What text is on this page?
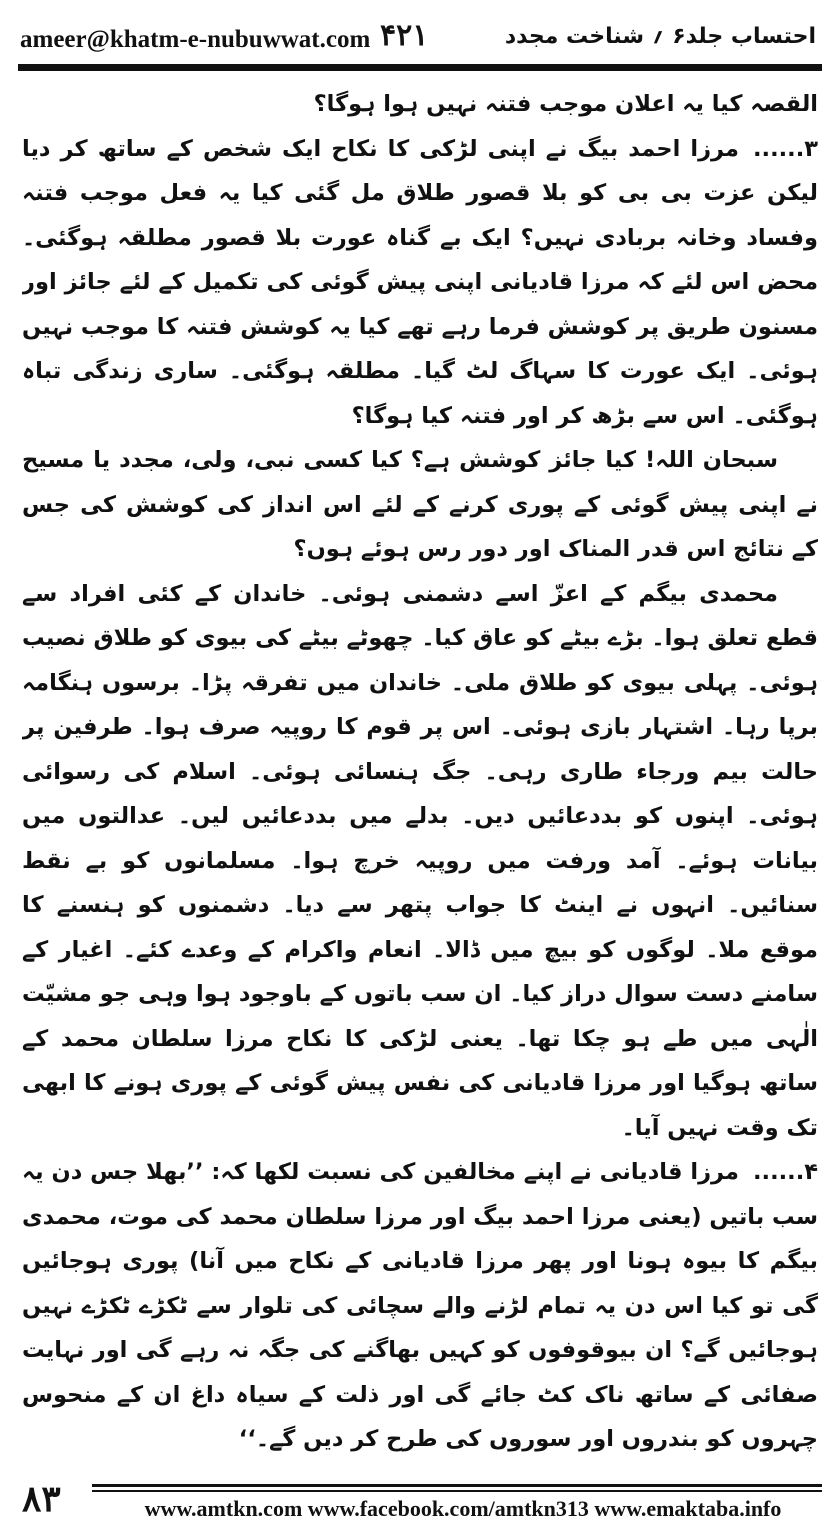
ameer@khatm-e-nubuwwat.com ۴۲۱	احتساب جلد۶ ؍ شناخت مجدد

القصہ کیا یہ اعلان موجب فتنہ نہیں ہوا ہوگا؟

۳......مرزا احمد بیگ نے اپنی لڑکی کا نکاح ایک شخص کے ساتھ کر دیا لیکن عزت بی بی کو بلا قصور طلاق مل گئی کیا یہ فعل موجب فتنہ وفساد وخانہ بربادی نہیں؟ ایک بے گناہ عورت بلا قصور مطلقہ ہوگئی۔ محض اس لئے کہ مرزا قادیانی اپنی پیش گوئی کی تکمیل کے لئے جائز اور مسنون طریق پر کوشش فرما رہے تھے کیا یہ کوشش فتنہ کا موجب نہیں ہوئی۔ ایک عورت کا سہاگ لٹ گیا۔ مطلقہ ہوگئی۔ ساری زندگی تباہ ہوگئی۔ اس سے بڑھ کر اور فتنہ کیا ہوگا؟

سبحان اللہ! کیا جائز کوشش ہے؟ کیا کسی نبی، ولی، مجدد یا مسیح نے اپنی پیش گوئی کے پوری کرنے کے لئے اس انداز کی کوشش کی جس کے نتائج اس قدر المناک اور دور رس ہوئے ہوں؟

محمدی بیگم کے اعزّ اسے دشمنی ہوئی۔ خاندان کے کئی افراد سے قطع تعلق ہوا۔ بڑے بیٹے کو عاق کیا۔ چھوٹے بیٹے کی بیوی کو طلاق نصیب ہوئی۔ پہلی بیوی کو طلاق ملی۔ خاندان میں تفرقہ پڑا۔ برسوں ہنگامہ برپا رہا۔ اشتہار بازی ہوئی۔ اس پر قوم کا روپیہ صرف ہوا۔ طرفین پر حالت بیم ورجاء طاری رہی۔ جگ ہنسائی ہوئی۔ اسلام کی رسوائی ہوئی۔ اپنوں کو بددعائیں دیں۔ بدلے میں بددعائیں لیں۔ عدالتوں میں بیانات ہوئے۔ آمد ورفت میں روپیہ خرچ ہوا۔ مسلمانوں کو بے نقط سنائیں۔ انہوں نے اینٹ کا جواب پتھر سے دیا۔ دشمنوں کو ہنسنے کا موقع ملا۔ لوگوں کو بیچ میں ڈالا۔ انعام واکرام کے وعدے کئے۔ اغیار کے سامنے دست سوال دراز کیا۔ ان سب باتوں کے باوجود ہوا وہی جو مشیّت الٰہی میں طے ہو چکا تھا۔ یعنی لڑکی کا نکاح مرزا سلطان محمد کے ساتھ ہوگیا اور مرزا قادیانی کی نفس پیش گوئی کے پوری ہونے کا ابھی تک وقت نہیں آیا۔

۴......مرزا قادیانی نے اپنے مخالفین کی نسبت لکھا کہ: ’’بھلا جس دن یہ سب باتیں (یعنی مرزا احمد بیگ اور مرزا سلطان محمد کی موت، محمدی بیگم کا بیوہ ہونا اور پھر مرزا قادیانی کے نکاح میں آنا) پوری ہوجائیں گی تو کیا اس دن یہ تمام لڑنے والے سچائی کی تلوار سے ٹکڑے ٹکڑے نہیں ہوجائیں گے؟ ان بیوقوفوں کو کہیں بھاگنے کی جگہ نہ رہے گی اور نہایت صفائی کے ساتھ ناک کٹ جائے گی اور ذلت کے سیاہ داغ ان کے منحوس چہروں کو بندروں اور سوروں کی طرح کر دیں گے۔‘‘

۸۳	www.amtkn.com www.facebook.com/amtkn313 www.emaktaba.info
